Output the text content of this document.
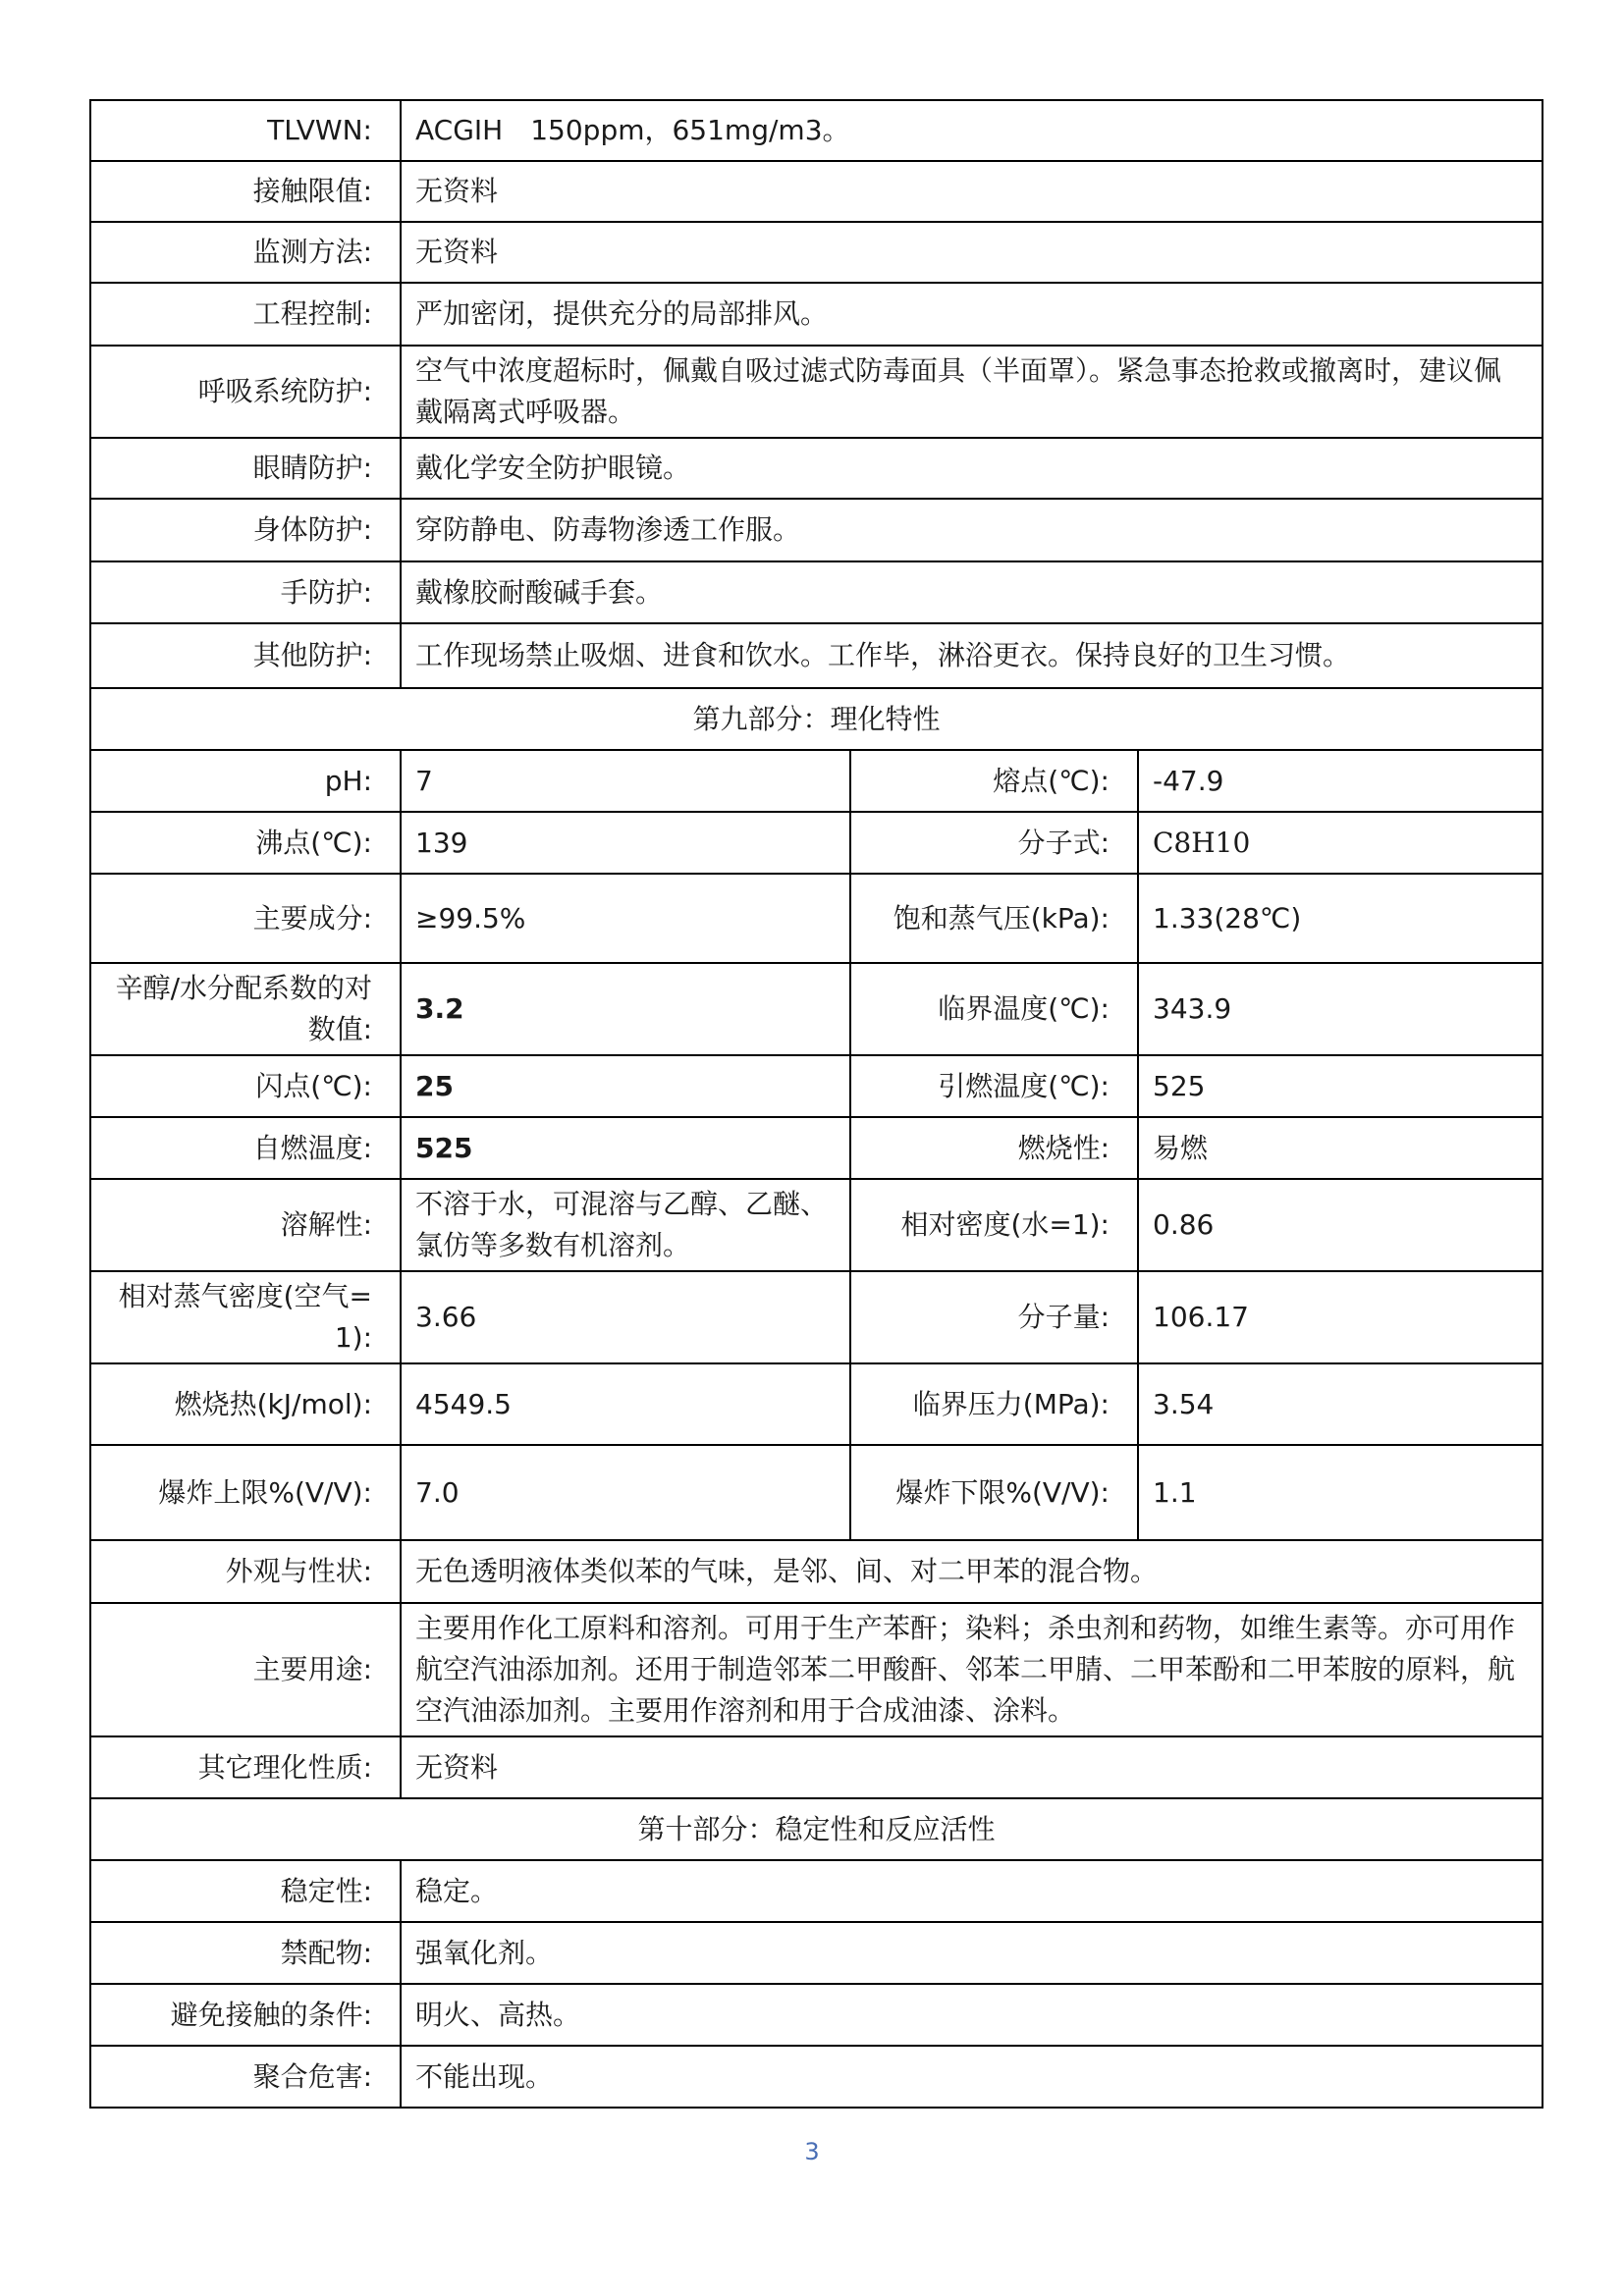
TLVWN:	ACGIH　150ppm，651mg/m3。		
接触限值:	无资料		
监测方法:	无资料		
工程控制:	严加密闭，提供充分的局部排风。		
呼吸系统防护:	空气中浓度超标时，佩戴自吸过滤式防毒面具（半面罩）。紧急事态抢救或撤离时，建议佩戴隔离式呼吸器。		
眼睛防护:	戴化学安全防护眼镜。		
身体防护:	穿防静电、防毒物渗透工作服。		
手防护:	戴橡胶耐酸碱手套。		
其他防护:	工作现场禁止吸烟、进食和饮水。工作毕，淋浴更衣。保持良好的卫生习惯。		
第九部分：理化特性			
pH:	7	熔点(℃):	-47.9
沸点(℃):	139	分子式:	C8H10
主要成分:	≥99.5%	饱和蒸气压(kPa):	1.33(28℃)
辛醇/水分配系数的对数值:	3.2	临界温度(℃):	343.9
闪点(℃):	25	引燃温度(℃):	525
自燃温度:	525	燃烧性:	易燃
溶解性:	不溶于水，可混溶与乙醇、乙醚、氯仿等多数有机溶剂。	相对密度(水=1):	0.86
相对蒸气密度(空气=1):	3.66	分子量:	106.17
燃烧热(kJ/mol):	4549.5	临界压力(MPa):	3.54
爆炸上限%(V/V):	7.0	爆炸下限%(V/V):	1.1
外观与性状:	无色透明液体类似苯的气味，是邻、间、对二甲苯的混合物。		
主要用途:	主要用作化工原料和溶剂。可用于生产苯酐；染料；杀虫剂和药物，如维生素等。亦可用作航空汽油添加剂。还用于制造邻苯二甲酸酐、邻苯二甲腈、二甲苯酚和二甲苯胺的原料，航空汽油添加剂。主要用作溶剂和用于合成油漆、涂料。		
其它理化性质:	无资料		
第十部分：稳定性和反应活性			
稳定性:	稳定。		
禁配物:	强氧化剂。		
避免接触的条件:	明火、高热。		
聚合危害:	不能出现。		
3
